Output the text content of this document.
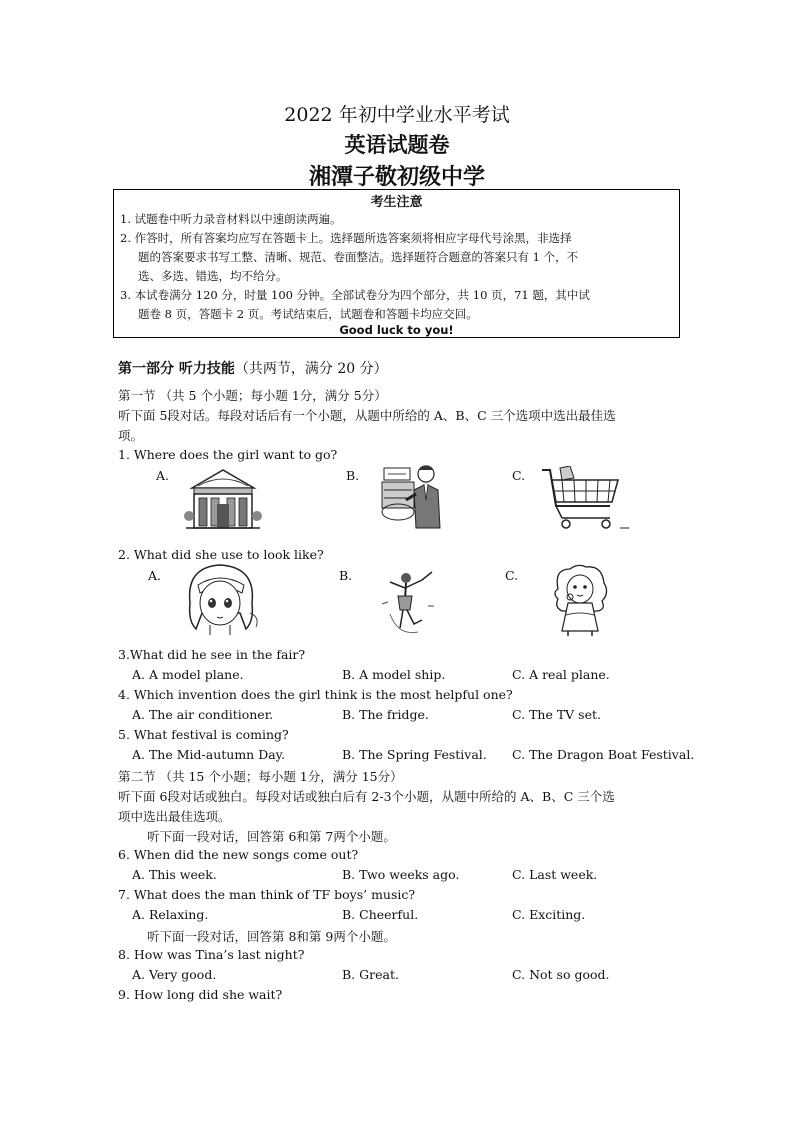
2022 年初中学业水平考试
英语试题卷
湘潭子敬初级中学
考生注意
1. 试题卷中听力录音材料以中速朗读两遍。
2. 作答时，所有答案均应写在答题卡上。选择题所选答案须将相应字母代号涂黑，非选择
题的答案要求书写工整、清晰、规范、卷面整洁。选择题符合题意的答案只有 1 个，不
选、多选、错选，均不给分。
3. 本试卷满分 120 分，时量 100 分钟。全部试卷分为四个部分，共 10 页，71 题，其中试
题卷 8 页，答题卡 2 页。考试结束后，试题卷和答题卡均应交回。
Good luck to you!
第一部分 听力技能（共两节，满分 20 分）
第一节 （共 5 个小题；每小题 1分，满分 5分）
听下面 5段对话。每段对话后有一个小题，从题中所给的 A、B、C 三个选项中选出最佳选
项。
1. Where does the girl want to go?
A.	B.	C.
2. What did she use to look like?
A.	B.	C.
3.What did he see in the fair?
A. A model plane.	B. A model ship.	C. A real plane.
4. Which invention does the girl think is the most helpful one?
A. The air conditioner.	B. The fridge.	C. The TV set.
5. What festival is coming?
A. The Mid-autumn Day.	B. The Spring Festival. C. The Dragon Boat Festival.
第二节 （共 15 个小题；每小题 1分，满分 15分）
听下面 6段对话或独白。每段对话或独白后有 2-3个小题，从题中所给的 A、B、C 三个选
项中选出最佳选项。
听下面一段对话，回答第 6和第 7两个小题。
6. When did the new songs come out?
A. This week.	B. Two weeks ago.	C. Last week.
7. What does the man think of TF boys’ music?
A. Relaxing.	B. Cheerful.	C. Exciting.
听下面一段对话，回答第 8和第 9两个小题。
8. How was Tina’s last night?
A. Very good.	B. Great.	C. Not so good.
9. How long did she wait?
